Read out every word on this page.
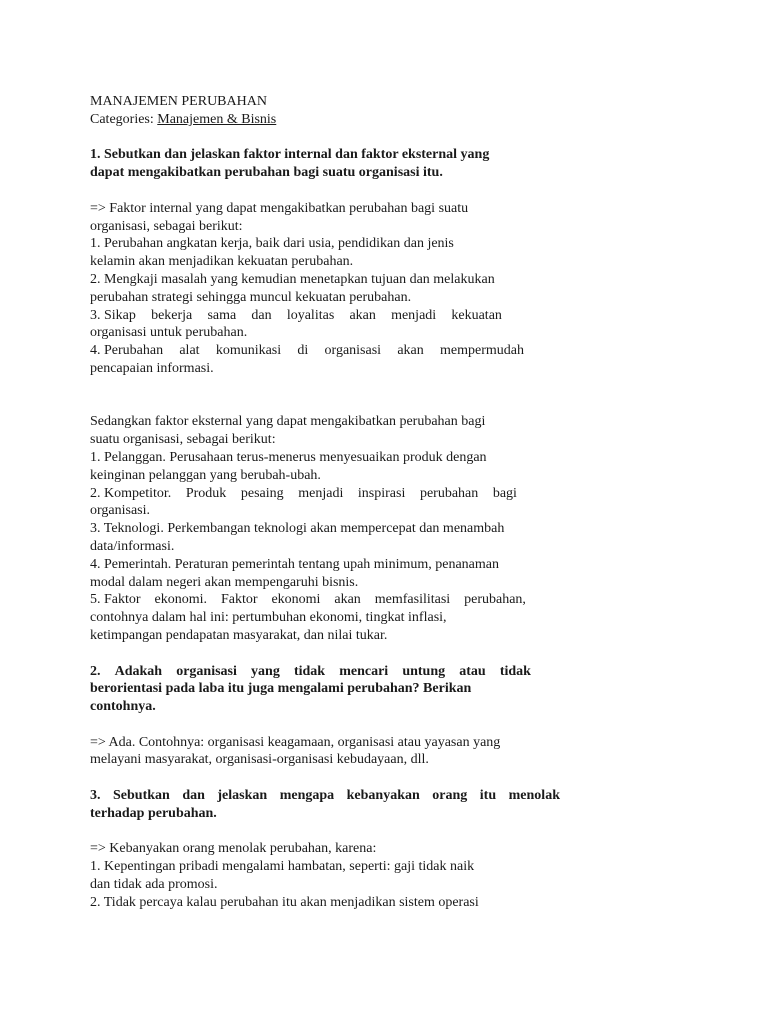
MANAJEMEN PERUBAHAN
Categories: Manajemen & Bisnis
1. Sebutkan dan jelaskan faktor internal dan faktor eksternal yang
dapat mengakibatkan perubahan bagi suatu organisasi itu.
=> Faktor internal yang dapat mengakibatkan perubahan bagi suatu
organisasi, sebagai berikut:
1. Perubahan angkatan kerja, baik dari usia, pendidikan dan jenis
kelamin akan menjadikan kekuatan perubahan.
2. Mengkaji masalah yang kemudian menetapkan tujuan dan melakukan
perubahan strategi sehingga muncul kekuatan perubahan.
3. Sikap bekerja sama dan loyalitas akan menjadi kekuatan
organisasi untuk perubahan.
4. Perubahan alat komunikasi di organisasi akan mempermudah
pencapaian informasi.
Sedangkan faktor eksternal yang dapat mengakibatkan perubahan bagi
suatu organisasi, sebagai berikut:
1. Pelanggan. Perusahaan terus-menerus menyesuaikan produk dengan
keinginan pelanggan yang berubah-ubah.
2. Kompetitor. Produk pesaing menjadi inspirasi perubahan bagi
organisasi.
3. Teknologi. Perkembangan teknologi akan mempercepat dan menambah
data/informasi.
4. Pemerintah. Peraturan pemerintah tentang upah minimum, penanaman
modal dalam negeri akan mempengaruhi bisnis.
5. Faktor ekonomi. Faktor ekonomi akan memfasilitasi perubahan,
contohnya dalam hal ini: pertumbuhan ekonomi, tingkat inflasi,
ketimpangan pendapatan masyarakat, dan nilai tukar.
2. Adakah organisasi yang tidak mencari untung atau tidak
berorientasi pada laba itu juga mengalami perubahan? Berikan
contohnya.
=> Ada. Contohnya: organisasi keagamaan, organisasi atau yayasan yang
melayani masyarakat, organisasi-organisasi kebudayaan, dll.
3. Sebutkan dan jelaskan mengapa kebanyakan orang itu menolak
terhadap perubahan.
=> Kebanyakan orang menolak perubahan, karena:
1. Kepentingan pribadi mengalami hambatan, seperti: gaji tidak naik
dan tidak ada promosi.
2. Tidak percaya kalau perubahan itu akan menjadikan sistem operasi
